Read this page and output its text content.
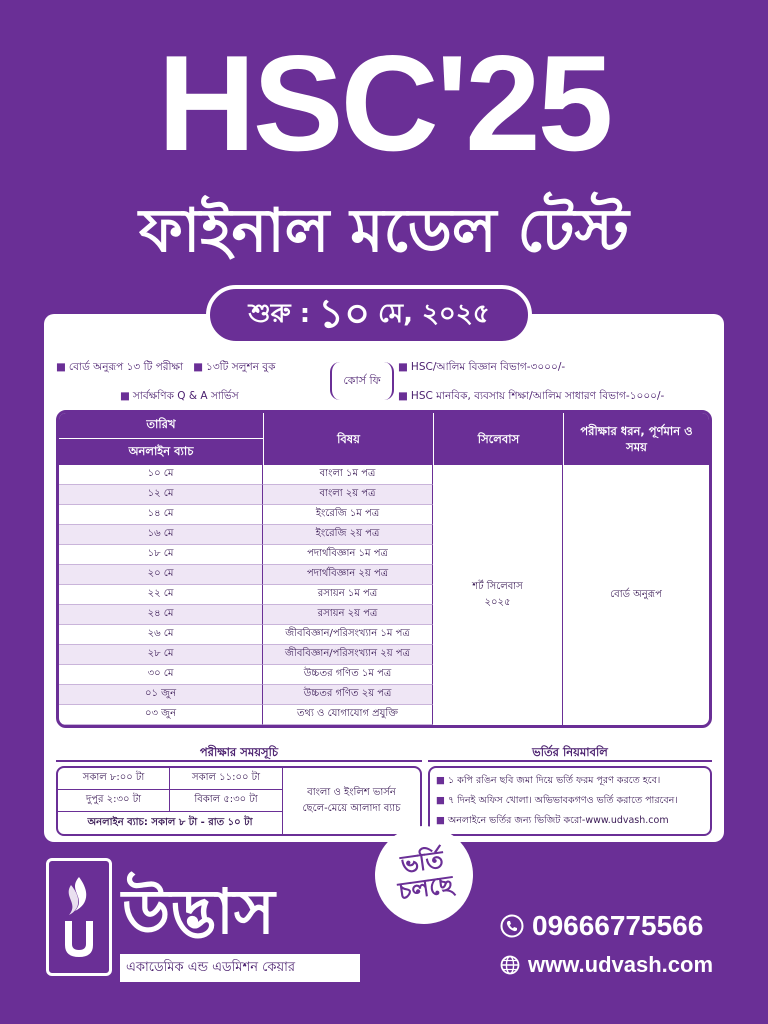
HSC'25
ফাইনাল মডেল টেস্ট
শুরু : ১০ মে, ২০২৫
■ বোর্ড অনুরূপ ১৩ টি পরীক্ষা ■ ১৩টি সলুশন বুক
■ সার্বক্ষণিক Q & A সার্ভিস
কোর্স ফি
■ HSC/আলিম বিজ্ঞান বিভাগ-৩০০০/-
■ HSC মানবিক, ব্যবসায় শিক্ষা/আলিম সাধারণ বিভাগ-১০০০/-
তারিখ
অনলাইন ব্যাচ
বিষয়	সিলেবাস
পরীক্ষার ধরন, পূর্ণমান ও সময়
১০ মে	বাংলা ১ম পত্র
১২ মে	বাংলা ২য় পত্র
১৪ মে	ইংরেজি ১ম পত্র
১৬ মে	ইংরেজি ২য় পত্র
১৮ মে	পদার্থবিজ্ঞান ১ম পত্র
২০ মে	পদার্থবিজ্ঞান ২য় পত্র
২২ মে	রসায়ন ১ম পত্র
২৪ মে	রসায়ন ২য় পত্র
২৬ মে	জীববিজ্ঞান/পরিসংখ্যান ১ম পত্র
২৮ মে	জীববিজ্ঞান/পরিসংখ্যান ২য় পত্র
৩০ মে	উচ্চতর গণিত ১ম পত্র
০১ জুন	উচ্চতর গণিত ২য় পত্র
০৩ জুন	তথ্য ও যোগাযোগ প্রযুক্তি
শর্ট সিলেবাস
২০২৫
বোর্ড অনুরূপ
পরীক্ষার সময়সূচি
সকাল ৮:০০ টা	সকাল ১১:০০ টা
দুপুর ২:৩০ টা	বিকাল ৫:৩০ টা
অনলাইন ব্যাচ: সকাল ৮ টা - রাত ১০ টা
বাংলা ও ইংলিশ ভার্সন
ছেলে-মেয়ে আলাদা ব্যাচ
ভর্তির নিয়মাবলি
■ ১ কপি রঙিন ছবি জমা দিয়ে ভর্তি ফরম পূরণ করতে হবে।
■ ৭ দিনই অফিস খোলা। অভিভাবকগণও ভর্তি করাতে পারবেন।
■ অনলাইনে ভর্তির জন্য ভিজিট করো-www.udvash.com
উদ্ভাস
একাডেমিক এন্ড এডমিশন কেয়ার
ভর্তি চলছে
09666775566
www.udvash.com
